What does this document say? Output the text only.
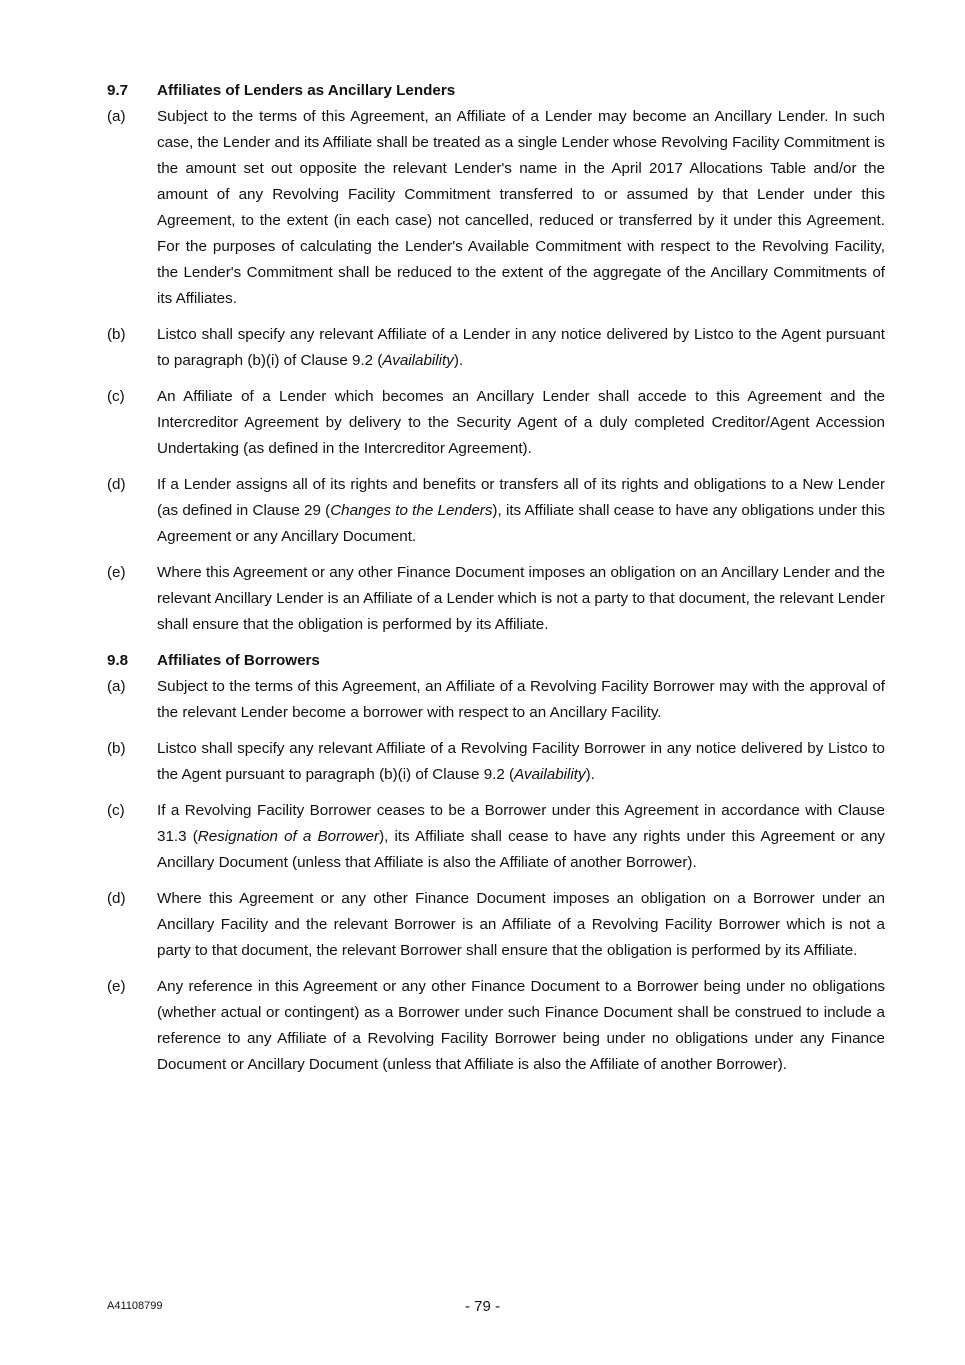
9.7	Affiliates of Lenders as Ancillary Lenders
(a)	Subject to the terms of this Agreement, an Affiliate of a Lender may become an Ancillary Lender. In such case, the Lender and its Affiliate shall be treated as a single Lender whose Revolving Facility Commitment is the amount set out opposite the relevant Lender's name in the April 2017 Allocations Table and/or the amount of any Revolving Facility Commitment transferred to or assumed by that Lender under this Agreement, to the extent (in each case) not cancelled, reduced or transferred by it under this Agreement. For the purposes of calculating the Lender's Available Commitment with respect to the Revolving Facility, the Lender's Commitment shall be reduced to the extent of the aggregate of the Ancillary Commitments of its Affiliates.
(b)	Listco shall specify any relevant Affiliate of a Lender in any notice delivered by Listco to the Agent pursuant to paragraph (b)(i) of Clause 9.2 (Availability).
(c)	An Affiliate of a Lender which becomes an Ancillary Lender shall accede to this Agreement and the Intercreditor Agreement by delivery to the Security Agent of a duly completed Creditor/Agent Accession Undertaking (as defined in the Intercreditor Agreement).
(d)	If a Lender assigns all of its rights and benefits or transfers all of its rights and obligations to a New Lender (as defined in Clause 29 (Changes to the Lenders), its Affiliate shall cease to have any obligations under this Agreement or any Ancillary Document.
(e)	Where this Agreement or any other Finance Document imposes an obligation on an Ancillary Lender and the relevant Ancillary Lender is an Affiliate of a Lender which is not a party to that document, the relevant Lender shall ensure that the obligation is performed by its Affiliate.
9.8	Affiliates of Borrowers
(a)	Subject to the terms of this Agreement, an Affiliate of a Revolving Facility Borrower may with the approval of the relevant Lender become a borrower with respect to an Ancillary Facility.
(b)	Listco shall specify any relevant Affiliate of a Revolving Facility Borrower in any notice delivered by Listco to the Agent pursuant to paragraph (b)(i) of Clause 9.2 (Availability).
(c)	If a Revolving Facility Borrower ceases to be a Borrower under this Agreement in accordance with Clause 31.3 (Resignation of a Borrower), its Affiliate shall cease to have any rights under this Agreement or any Ancillary Document (unless that Affiliate is also the Affiliate of another Borrower).
(d)	Where this Agreement or any other Finance Document imposes an obligation on a Borrower under an Ancillary Facility and the relevant Borrower is an Affiliate of a Revolving Facility Borrower which is not a party to that document, the relevant Borrower shall ensure that the obligation is performed by its Affiliate.
(e)	Any reference in this Agreement or any other Finance Document to a Borrower being under no obligations (whether actual or contingent) as a Borrower under such Finance Document shall be construed to include a reference to any Affiliate of a Revolving Facility Borrower being under no obligations under any Finance Document or Ancillary Document (unless that Affiliate is also the Affiliate of another Borrower).
A41108799	- 79 -
